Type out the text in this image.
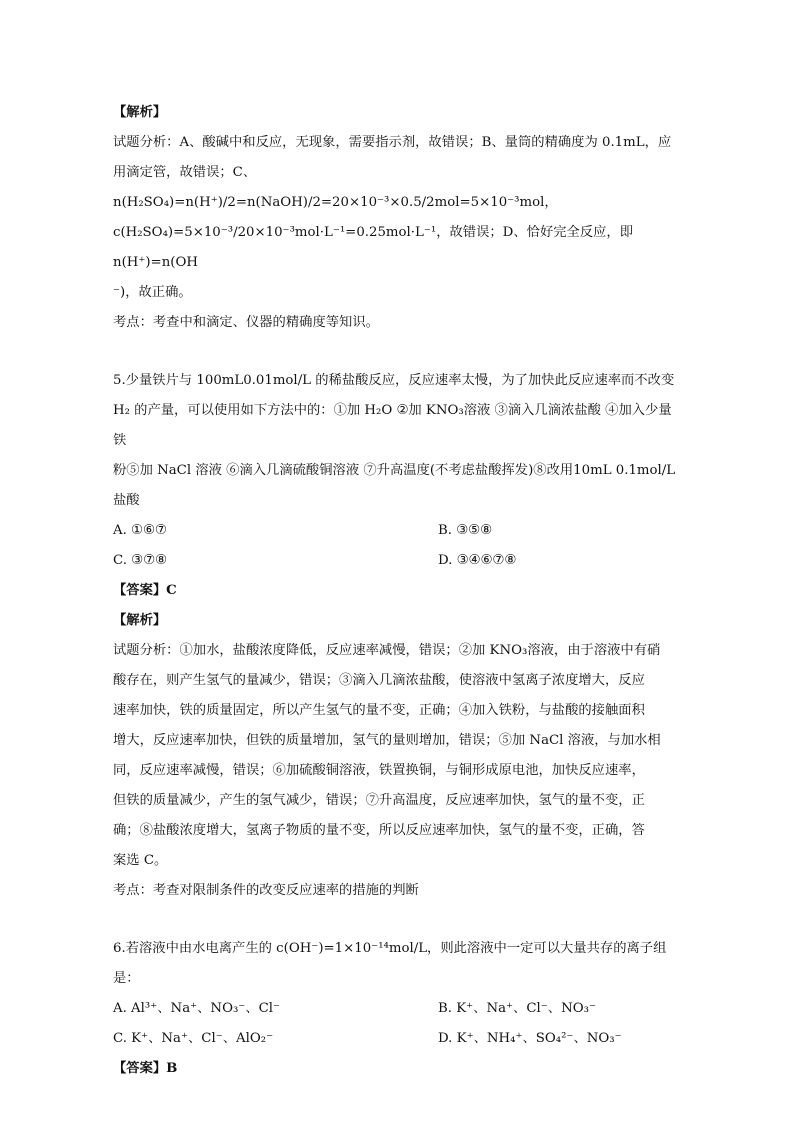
【解析】

试题分析：A、酸碱中和反应，无现象，需要指示剂，故错误；B、量筒的精确度为 0.1mL，应

用滴定管，故错误；C、n(H₂SO₄)=n(H⁺)/2=n(NaOH)/2=20×10⁻³×0.5/2mol=5×10⁻³mol，

c(H₂SO₄)=5×10⁻³/20×10⁻³mol·L⁻¹=0.25mol·L⁻¹，故错误；D、恰好完全反应，即n(H⁺)=n(OH

⁻)，故正确。

考点：考查中和滴定、仪器的精确度等知识。

5.少量铁片与 100mL0.01mol/L 的稀盐酸反应，反应速率太慢，为了加快此反应速率而不改变

H₂ 的产量，可以使用如下方法中的：①加 H₂O ②加 KNO₃溶液 ③滴入几滴浓盐酸 ④加入少量铁

粉⑤加 NaCl 溶液 ⑥滴入几滴硫酸铜溶液 ⑦升高温度(不考虑盐酸挥发)⑧改用10mL 0.1mol/L

盐酸

A. ①⑥⑦	B. ③⑤⑧
C. ③⑦⑧	D. ③④⑥⑦⑧

【答案】C

【解析】

试题分析：①加水，盐酸浓度降低，反应速率减慢，错误；②加 KNO₃溶液，由于溶液中有硝

酸存在，则产生氢气的量减少，错误；③滴入几滴浓盐酸，使溶液中氢离子浓度增大，反应

速率加快，铁的质量固定，所以产生氢气的量不变，正确；④加入铁粉，与盐酸的接触面积

增大，反应速率加快，但铁的质量增加，氢气的量则增加，错误；⑤加 NaCl 溶液，与加水相

同，反应速率减慢，错误；⑥加硫酸铜溶液，铁置换铜，与铜形成原电池，加快反应速率，

但铁的质量减少，产生的氢气减少，错误；⑦升高温度，反应速率加快，氢气的量不变，正

确；⑧盐酸浓度增大，氢离子物质的量不变，所以反应速率加快，氢气的量不变，正确，答

案选 C。

考点：考查对限制条件的改变反应速率的措施的判断

6.若溶液中由水电离产生的 c(OH⁻)=1×10⁻¹⁴mol/L，则此溶液中一定可以大量共存的离子组

是：

A. Al³⁺、Na⁺、NO₃⁻、Cl⁻	B. K⁺、Na⁺、Cl⁻、NO₃⁻
C. K⁺、Na⁺、Cl⁻、AlO₂⁻	D. K⁺、NH₄⁺、SO₄²⁻、NO₃⁻

【答案】B
